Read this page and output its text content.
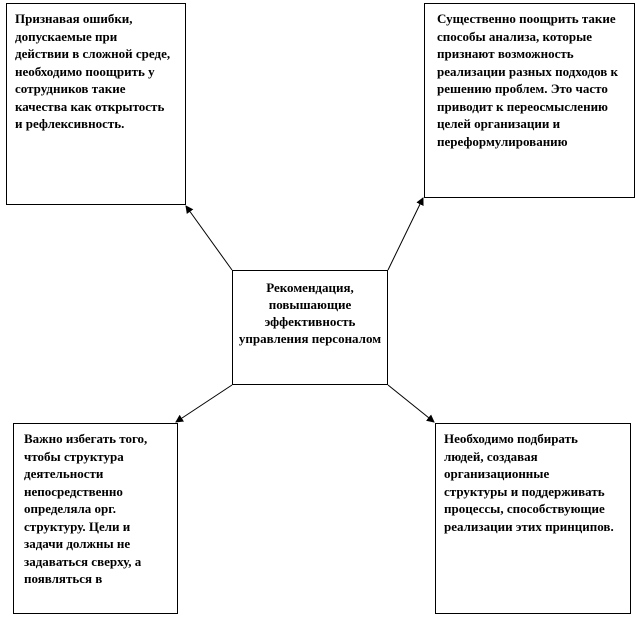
Признавая ошибки, допускаемые при действии в сложной среде, необходимо поощрить у сотрудников такие качества как открытость и рефлексивность.

Существенно поощрить такие способы анализа, которые признают возможность реализации разных подходов к решению проблем. Это часто приводит к переосмыслению целей организации и переформулированию

Рекомендация, повышающие эффективность управления персоналом

Важно избегать того, чтобы структура деятельности непосредственно определяла орг. структуру. Цели и задачи должны не задаваться сверху, а появляться в

Необходимо подбирать людей, создавая организационные структуры и поддерживать процессы, способствующие реализации этих принципов.
